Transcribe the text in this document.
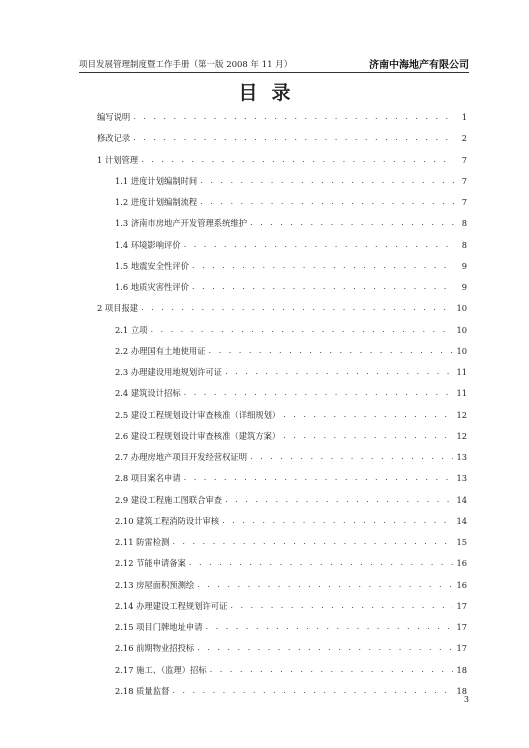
项目发展管理制度暨工作手册（第一版 2008 年 11 月）	济南中海地产有限公司
目录
编写说明 . . .	1
修改记录 . . .	2
1 计划管理 . . .	7
1.1 进度计划编制时间 . . .	7
1.2 进度计划编制流程 . . .	7
1.3 济南市房地产开发管理系统维护 . . .	8
1.4 环境影响评价 . . .	8
1.5 地震安全性评价 . . .	9
1.6 地质灾害性评价 . . .	9
2 项目报建 . . .	10
2.1 立项 . . .	10
2.2 办理国有土地使用证 . . .	10
2.3 办理建设用地规划许可证 . . .	11
2.4 建筑设计招标 . . .	11
2.5 建设工程规划设计审查核准（详细规划） . . .	12
2.6 建设工程规划设计审查核准（建筑方案） . . .	12
2.7 办理房地产项目开发经营权证明 . . .	13
2.8 项目案名申请 . . .	13
2.9 建设工程施工图联合审查 . . .	14
2.10 建筑工程消防设计审核 . . .	14
2.11 防雷检测 . . .	15
2.12 节能申请备案 . . .	16
2.13 房屋面积预测绘 . . .	16
2.14 办理建设工程规划许可证 . . .	17
2.15 项目门牌地址申请 . . .	17
2.16 前期物业招投标 . . .	17
2.17 施工、（监理）招标 . . .	18
2.18 质量监督 . . .	18
3
